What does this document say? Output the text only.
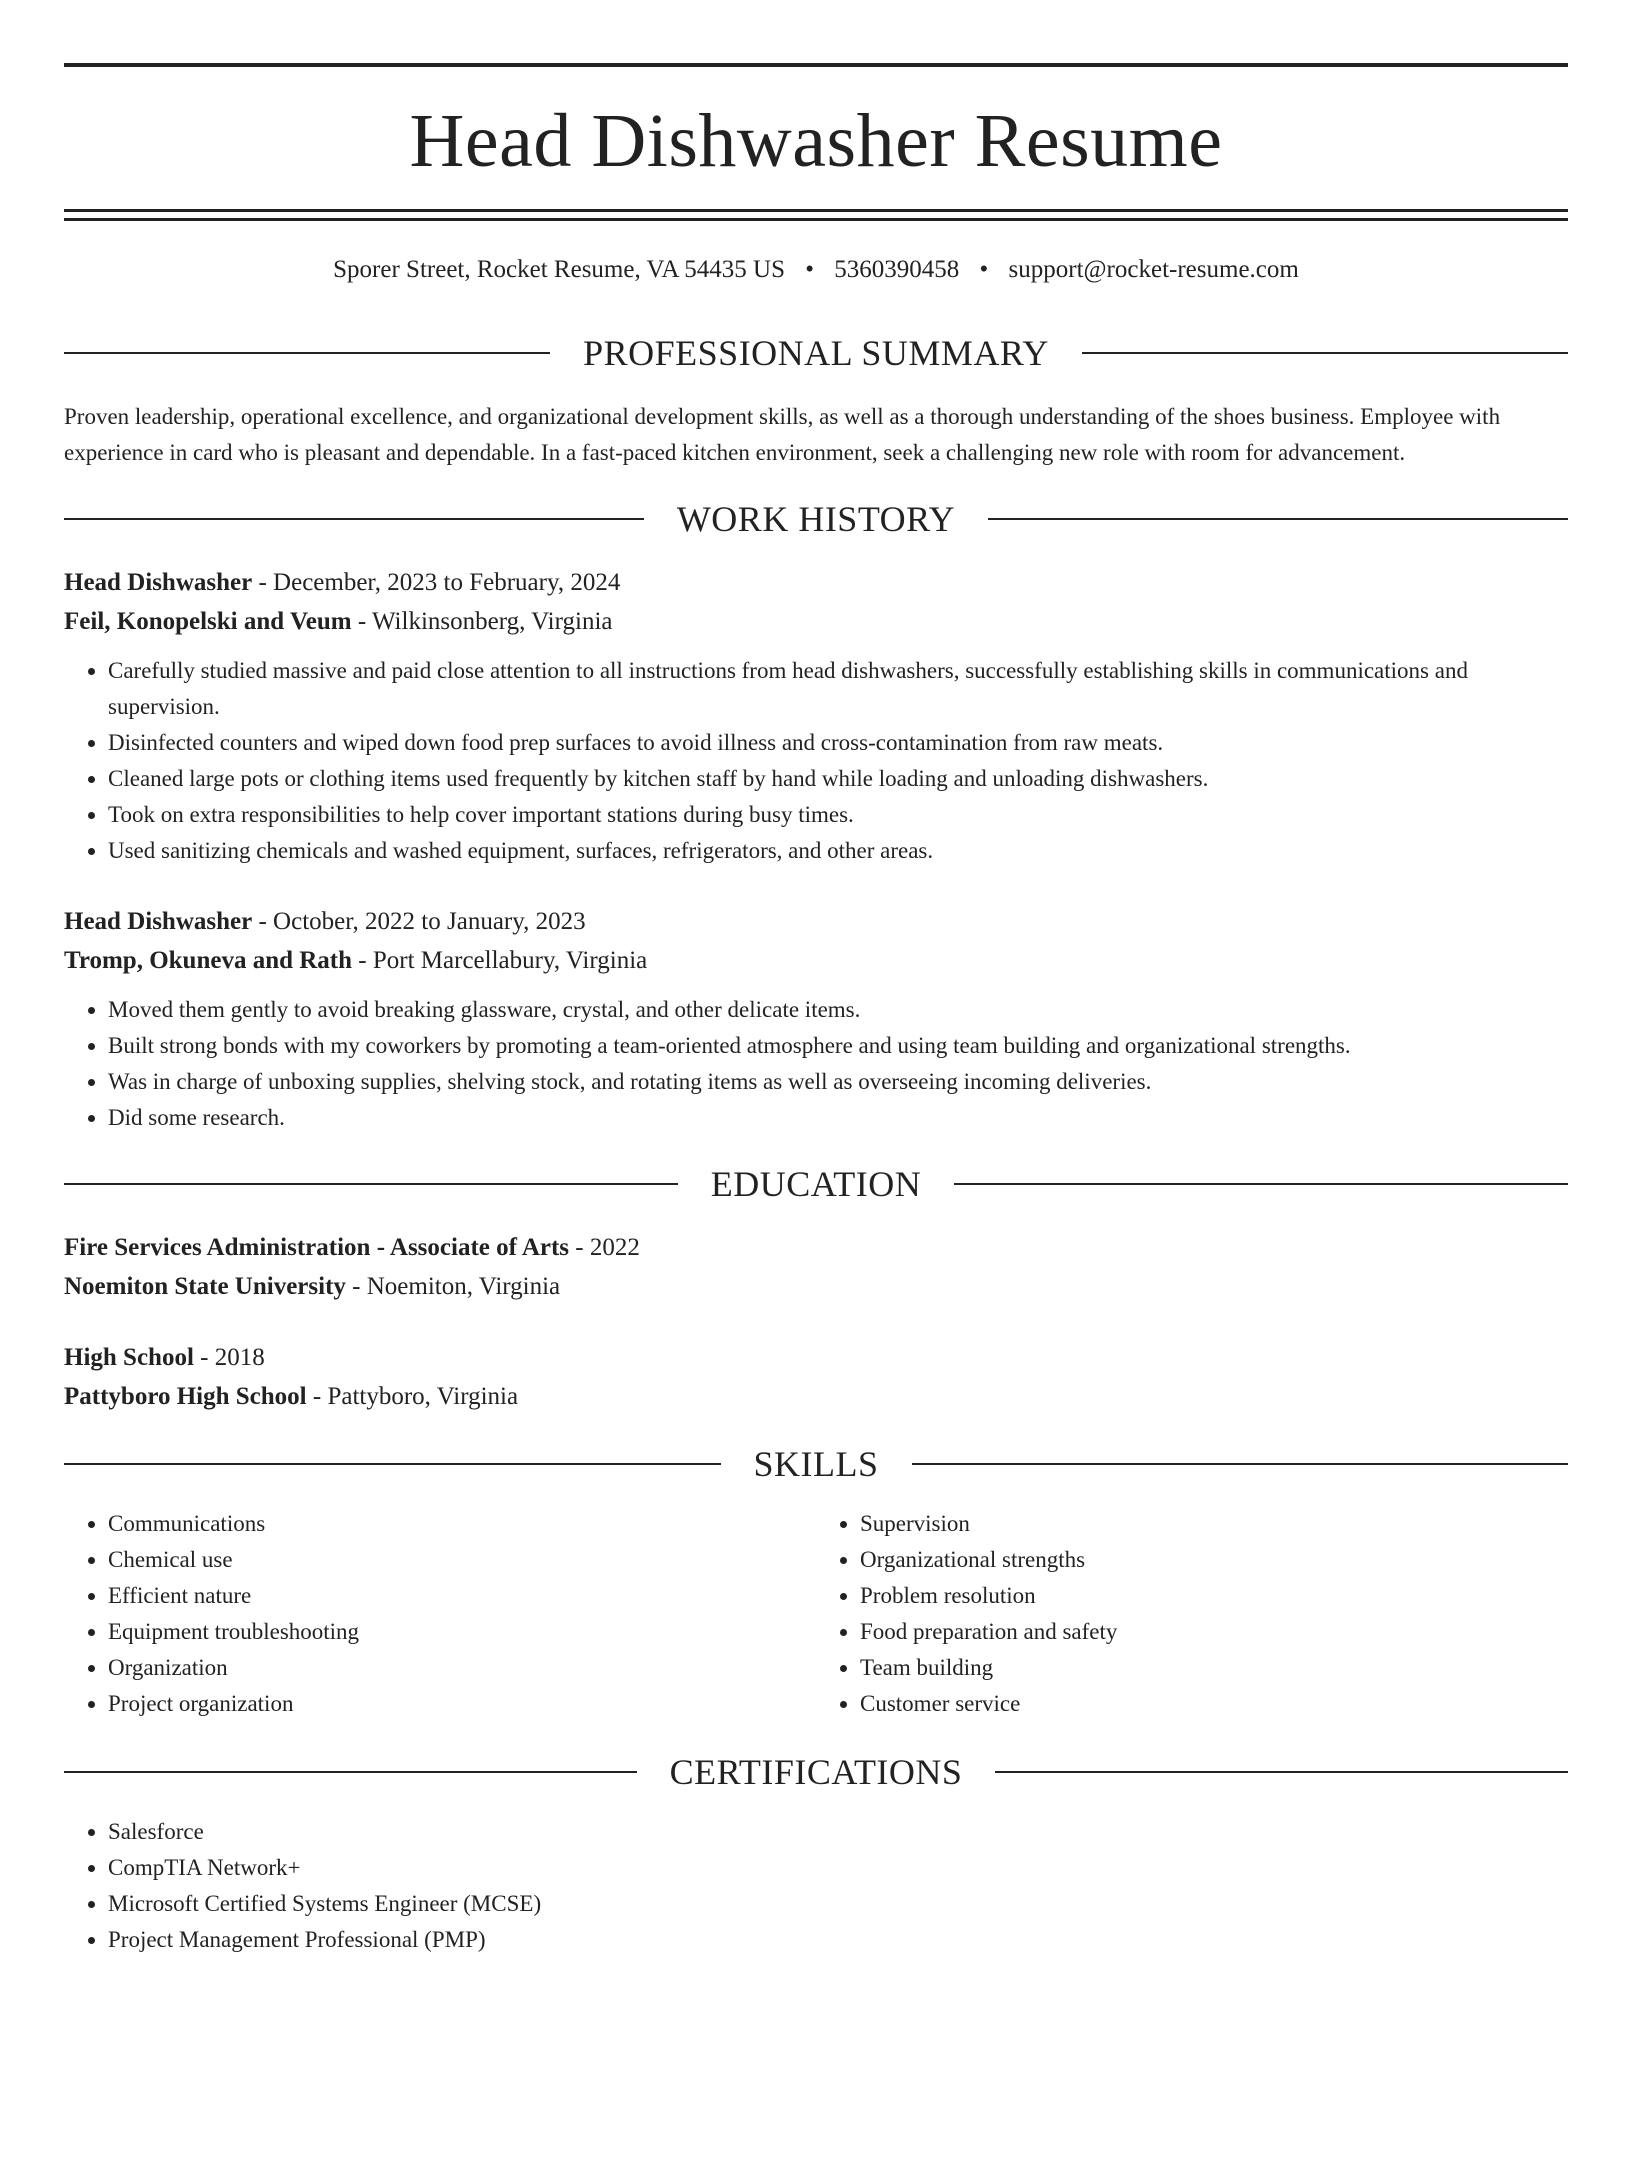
Head Dishwasher Resume
Sporer Street, Rocket Resume, VA 54435 US • 5360390458 • support@rocket-resume.com
PROFESSIONAL SUMMARY

Proven leadership, operational excellence, and organizational development skills, as well as a thorough understanding of the shoes business. Employee with experience in card who is pleasant and dependable. In a fast-paced kitchen environment, seek a challenging new role with room for advancement.

WORK HISTORY

Head Dishwasher - December, 2023 to February, 2024

Feil, Konopelski and Veum - Wilkinsonberg, Virginia

• Carefully studied massive and paid close attention to all instructions from head dishwashers, successfully establishing skills in communications and supervision.
• Disinfected counters and wiped down food prep surfaces to avoid illness and cross-contamination from raw meats.
• Cleaned large pots or clothing items used frequently by kitchen staff by hand while loading and unloading dishwashers.
• Took on extra responsibilities to help cover important stations during busy times.
• Used sanitizing chemicals and washed equipment, surfaces, refrigerators, and other areas.

Head Dishwasher - October, 2022 to January, 2023

Tromp, Okuneva and Rath - Port Marcellabury, Virginia

• Moved them gently to avoid breaking glassware, crystal, and other delicate items.
• Built strong bonds with my coworkers by promoting a team-oriented atmosphere and using team building and organizational strengths.
• Was in charge of unboxing supplies, shelving stock, and rotating items as well as overseeing incoming deliveries.
• Did some research.
EDUCATION

Fire Services Administration - Associate of Arts - 2022

Noemiton State University - Noemiton, Virginia

High School - 2018

Pattyboro High School - Pattyboro, Virginia

SKILLS
• Communications
• Chemical use
• Efficient nature
• Equipment troubleshooting
• Organization
• Project organization
• Supervision
• Organizational strengths
• Problem resolution
• Food preparation and safety
• Team building
• Customer service
CERTIFICATIONS
• Salesforce
• CompTIA Network+
• Microsoft Certified Systems Engineer (MCSE)
• Project Management Professional (PMP)
